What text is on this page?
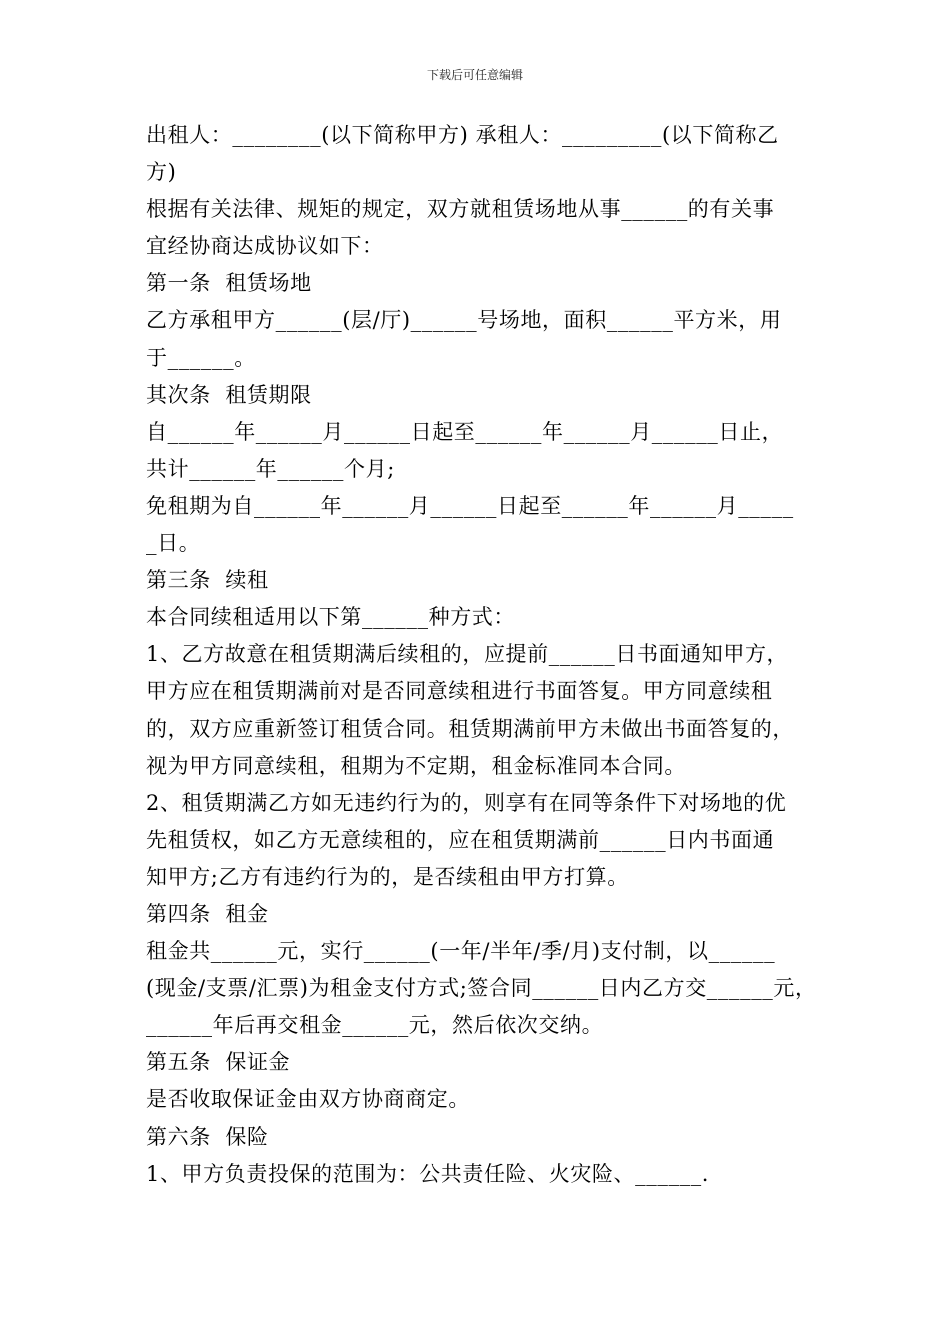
下载后可任意编辑
出租人：________(以下简称甲方) 承租人：_________(以下简称乙
方)
根据有关法律、规矩的规定，双方就租赁场地从事______的有关事
宜经协商达成协议如下：
第一条  租赁场地
乙方承租甲方______(层/厅)______号场地，面积______平方米，用
于______。
其次条  租赁期限
自______年______月______日起至______年______月______日止，
共计______年______个月;
免租期为自______年______月______日起至______年______月_____
_日。
第三条  续租
本合同续租适用以下第______种方式：
1、乙方故意在租赁期满后续租的，应提前______日书面通知甲方，
甲方应在租赁期满前对是否同意续租进行书面答复。甲方同意续租
的，双方应重新签订租赁合同。租赁期满前甲方未做出书面答复的，
视为甲方同意续租，租期为不定期，租金标准同本合同。
2、租赁期满乙方如无违约行为的，则享有在同等条件下对场地的优
先租赁权，如乙方无意续租的，应在租赁期满前______日内书面通
知甲方;乙方有违约行为的，是否续租由甲方打算。
第四条  租金
租金共______元，实行______(一年/半年/季/月)支付制，以______
(现金/支票/汇票)为租金支付方式;签合同______日内乙方交______元，
______年后再交租金______元，然后依次交纳。
第五条  保证金
是否收取保证金由双方协商商定。
第六条  保险
1、甲方负责投保的范围为：公共责任险、火灾险、______.
